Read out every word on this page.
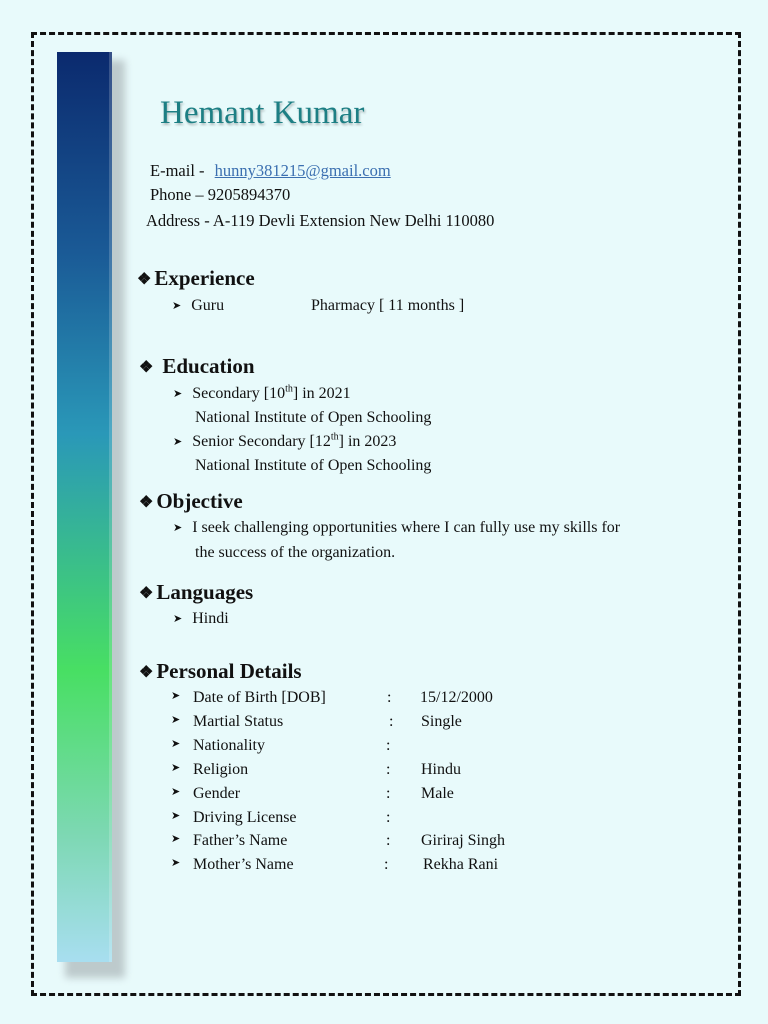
Hemant Kumar
E-mail - hunny381215@gmail.com
Phone – 9205894370
Address - A-119 Devli Extension New Delhi 110080
❖ Experience
➤ Guru	Pharmacy [ 11 months ]
❖ Education
➤ Secondary [10th] in 2021
National Institute of Open Schooling
➤ Senior Secondary [12th] in 2023
National Institute of Open Schooling
❖ Objective
➤ I seek challenging opportunities where I can fully use my skills for
the success of the organization.
❖ Languages
➤ Hindi
❖ Personal Details
➤ Date of Birth [DOB]	: 15/12/2000
➤ Martial Status	: Single
➤ Nationality	:
➤ Religion	: Hindu
➤ Gender	: Male
➤ Driving License	:
➤ Father’s Name	: Giriraj Singh
➤ Mother’s Name	: Rekha Rani
